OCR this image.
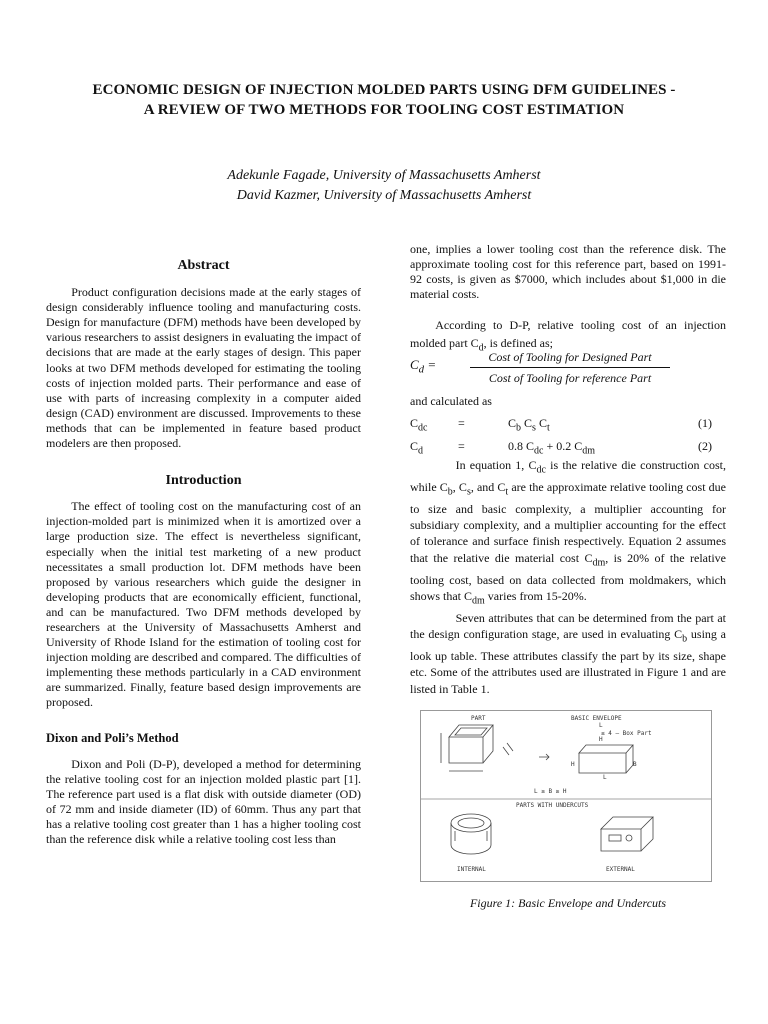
ECONOMIC DESIGN OF INJECTION MOLDED PARTS USING DFM GUIDELINES -
A REVIEW OF TWO METHODS FOR TOOLING COST ESTIMATION
Adekunle Fagade, University of Massachusetts Amherst
David Kazmer, University of Massachusetts Amherst

Abstract

Product configuration decisions made at the early stages of design considerably influence tooling and manufacturing costs. Design for manufacture (DFM) methods have been developed by various researchers to assist designers in evaluating the impact of decisions that are made at the early stages of design. This paper looks at two DFM methods developed for estimating the tooling costs of injection molded parts. Their performance and ease of use with parts of increasing complexity in a computer aided design (CAD) environment are discussed. Improvements to these methods that can be implemented in feature based product modelers are then proposed.

Introduction

The effect of tooling cost on the manufacturing cost of an injection-molded part is minimized when it is amortized over a large production size. The effect is nevertheless significant, especially when the initial test marketing of a new product necessitates a small production lot. DFM methods have been proposed by various researchers which guide the designer in developing products that are economically efficient, functional, and can be manufactured. Two DFM methods developed by researchers at the University of Massachusetts Amherst and University of Rhode Island for the estimation of tooling cost for injection molding are described and compared. The difficulties of implementing these methods particularly in a CAD environment are summarized. Finally, feature based design improvements are proposed.

Dixon and Poli’s Method

Dixon and Poli (D-P), developed a method for determining the relative tooling cost for an injection molded plastic part [1]. The reference part used is a flat disk with outside diameter (OD) of 72 mm and inside diameter (ID) of 60mm. Thus any part that has a relative tooling cost greater than 1 has a higher tooling cost than the reference disk while a relative tooling cost less than

one, implies a lower tooling cost than the reference disk. The approximate tooling cost for this reference part, based on 1991-92 costs, is given as $7000, which includes about $1,000 in die material costs.

According to D-P, relative tooling cost of an injection molded part $C_d$, is defined as;

$C_d$ =	Cost of Tooling for Designed Part
Cost of Tooling for reference Part
and calculated as
$C_{dc}$	=	$C_b$ $C_s$ $C_t$	(1)
$C_d$	=	0.8 $C_{dc} + 0.2$ $C_{dm}$	(2)

In equation 1, $C_{dc}$ is the relative die construction cost, while $C_b$, $C_s$, and $C_t$ are the approximate relative tooling cost due to size and basic complexity, a multiplier accounting for subsidiary complexity, and a multiplier accounting for the effect of tolerance and surface finish respectively. Equation 2 assumes that the relative die material cost $C_{dm}$, is 20% of the relative tooling cost, based on data collected from moldmakers, which shows that $C_{dm}$ varies from 15-20%.

Seven attributes that can be determined from the part at the design configuration stage, are used in evaluating $C_b$ using a look up table. These attributes classify the part by its size, shape etc. Some of the attributes used are illustrated in Figure 1 and are listed in Table 1.

PART	BASIC ENVELOPE
≤ 4 — Box Part
L ≥ B ≥ H
PARTS WITH UNDERCUTS
INTERNAL	EXTERNAL
L
H
H	B
L
Figure 1: Basic Envelope and Undercuts
